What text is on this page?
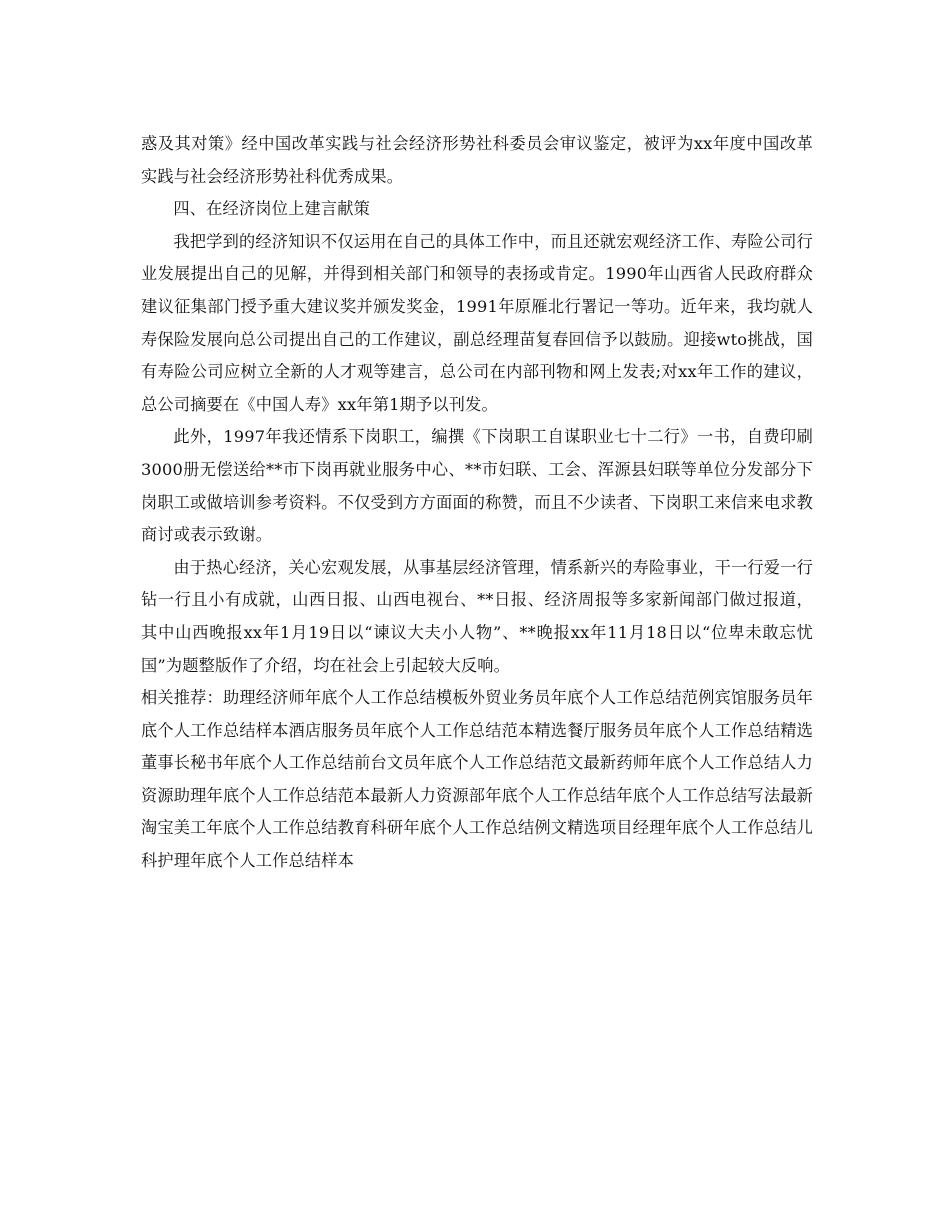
惑及其对策》经中国改革实践与社会经济形势社科委员会审议鉴定，被评为xx年度中国改革实践与社会经济形势社科优秀成果。

四、在经济岗位上建言献策

我把学到的经济知识不仅运用在自己的具体工作中，而且还就宏观经济工作、寿险公司行业发展提出自己的见解，并得到相关部门和领导的表扬或肯定。1990年山西省人民政府群众建议征集部门授予重大建议奖并颁发奖金，1991年原雁北行署记一等功。近年来，我均就人寿保险发展向总公司提出自己的工作建议，副总经理苗复春回信予以鼓励。迎接wto挑战，国有寿险公司应树立全新的人才观等建言，总公司在内部刊物和网上发表;对xx年工作的建议，总公司摘要在《中国人寿》xx年第1期予以刊发。

此外，1997年我还情系下岗职工，编撰《下岗职工自谋职业七十二行》一书，自费印刷3000册无偿送给**市下岗再就业服务中心、**市妇联、工会、浑源县妇联等单位分发部分下岗职工或做培训参考资料。不仅受到方方面面的称赞，而且不少读者、下岗职工来信来电求教商讨或表示致谢。

由于热心经济，关心宏观发展，从事基层经济管理，情系新兴的寿险事业，干一行爱一行钻一行且小有成就，山西日报、山西电视台、**日报、经济周报等多家新闻部门做过报道，其中山西晚报xx年1月19日以“谏议大夫小人物”、**晚报xx年11月18日以“位卑未敢忘忧国”为题整版作了介绍，均在社会上引起较大反响。

相关推荐：助理经济师年底个人工作总结模板外贸业务员年底个人工作总结范例宾馆服务员年底个人工作总结样本酒店服务员年底个人工作总结范本精选餐厅服务员年底个人工作总结精选董事长秘书年底个人工作总结前台文员年底个人工作总结范文最新药师年底个人工作总结人力资源助理年底个人工作总结范本最新人力资源部年底个人工作总结年底个人工作总结写法最新淘宝美工年底个人工作总结教育科研年底个人工作总结例文精选项目经理年底个人工作总结儿科护理年底个人工作总结样本
